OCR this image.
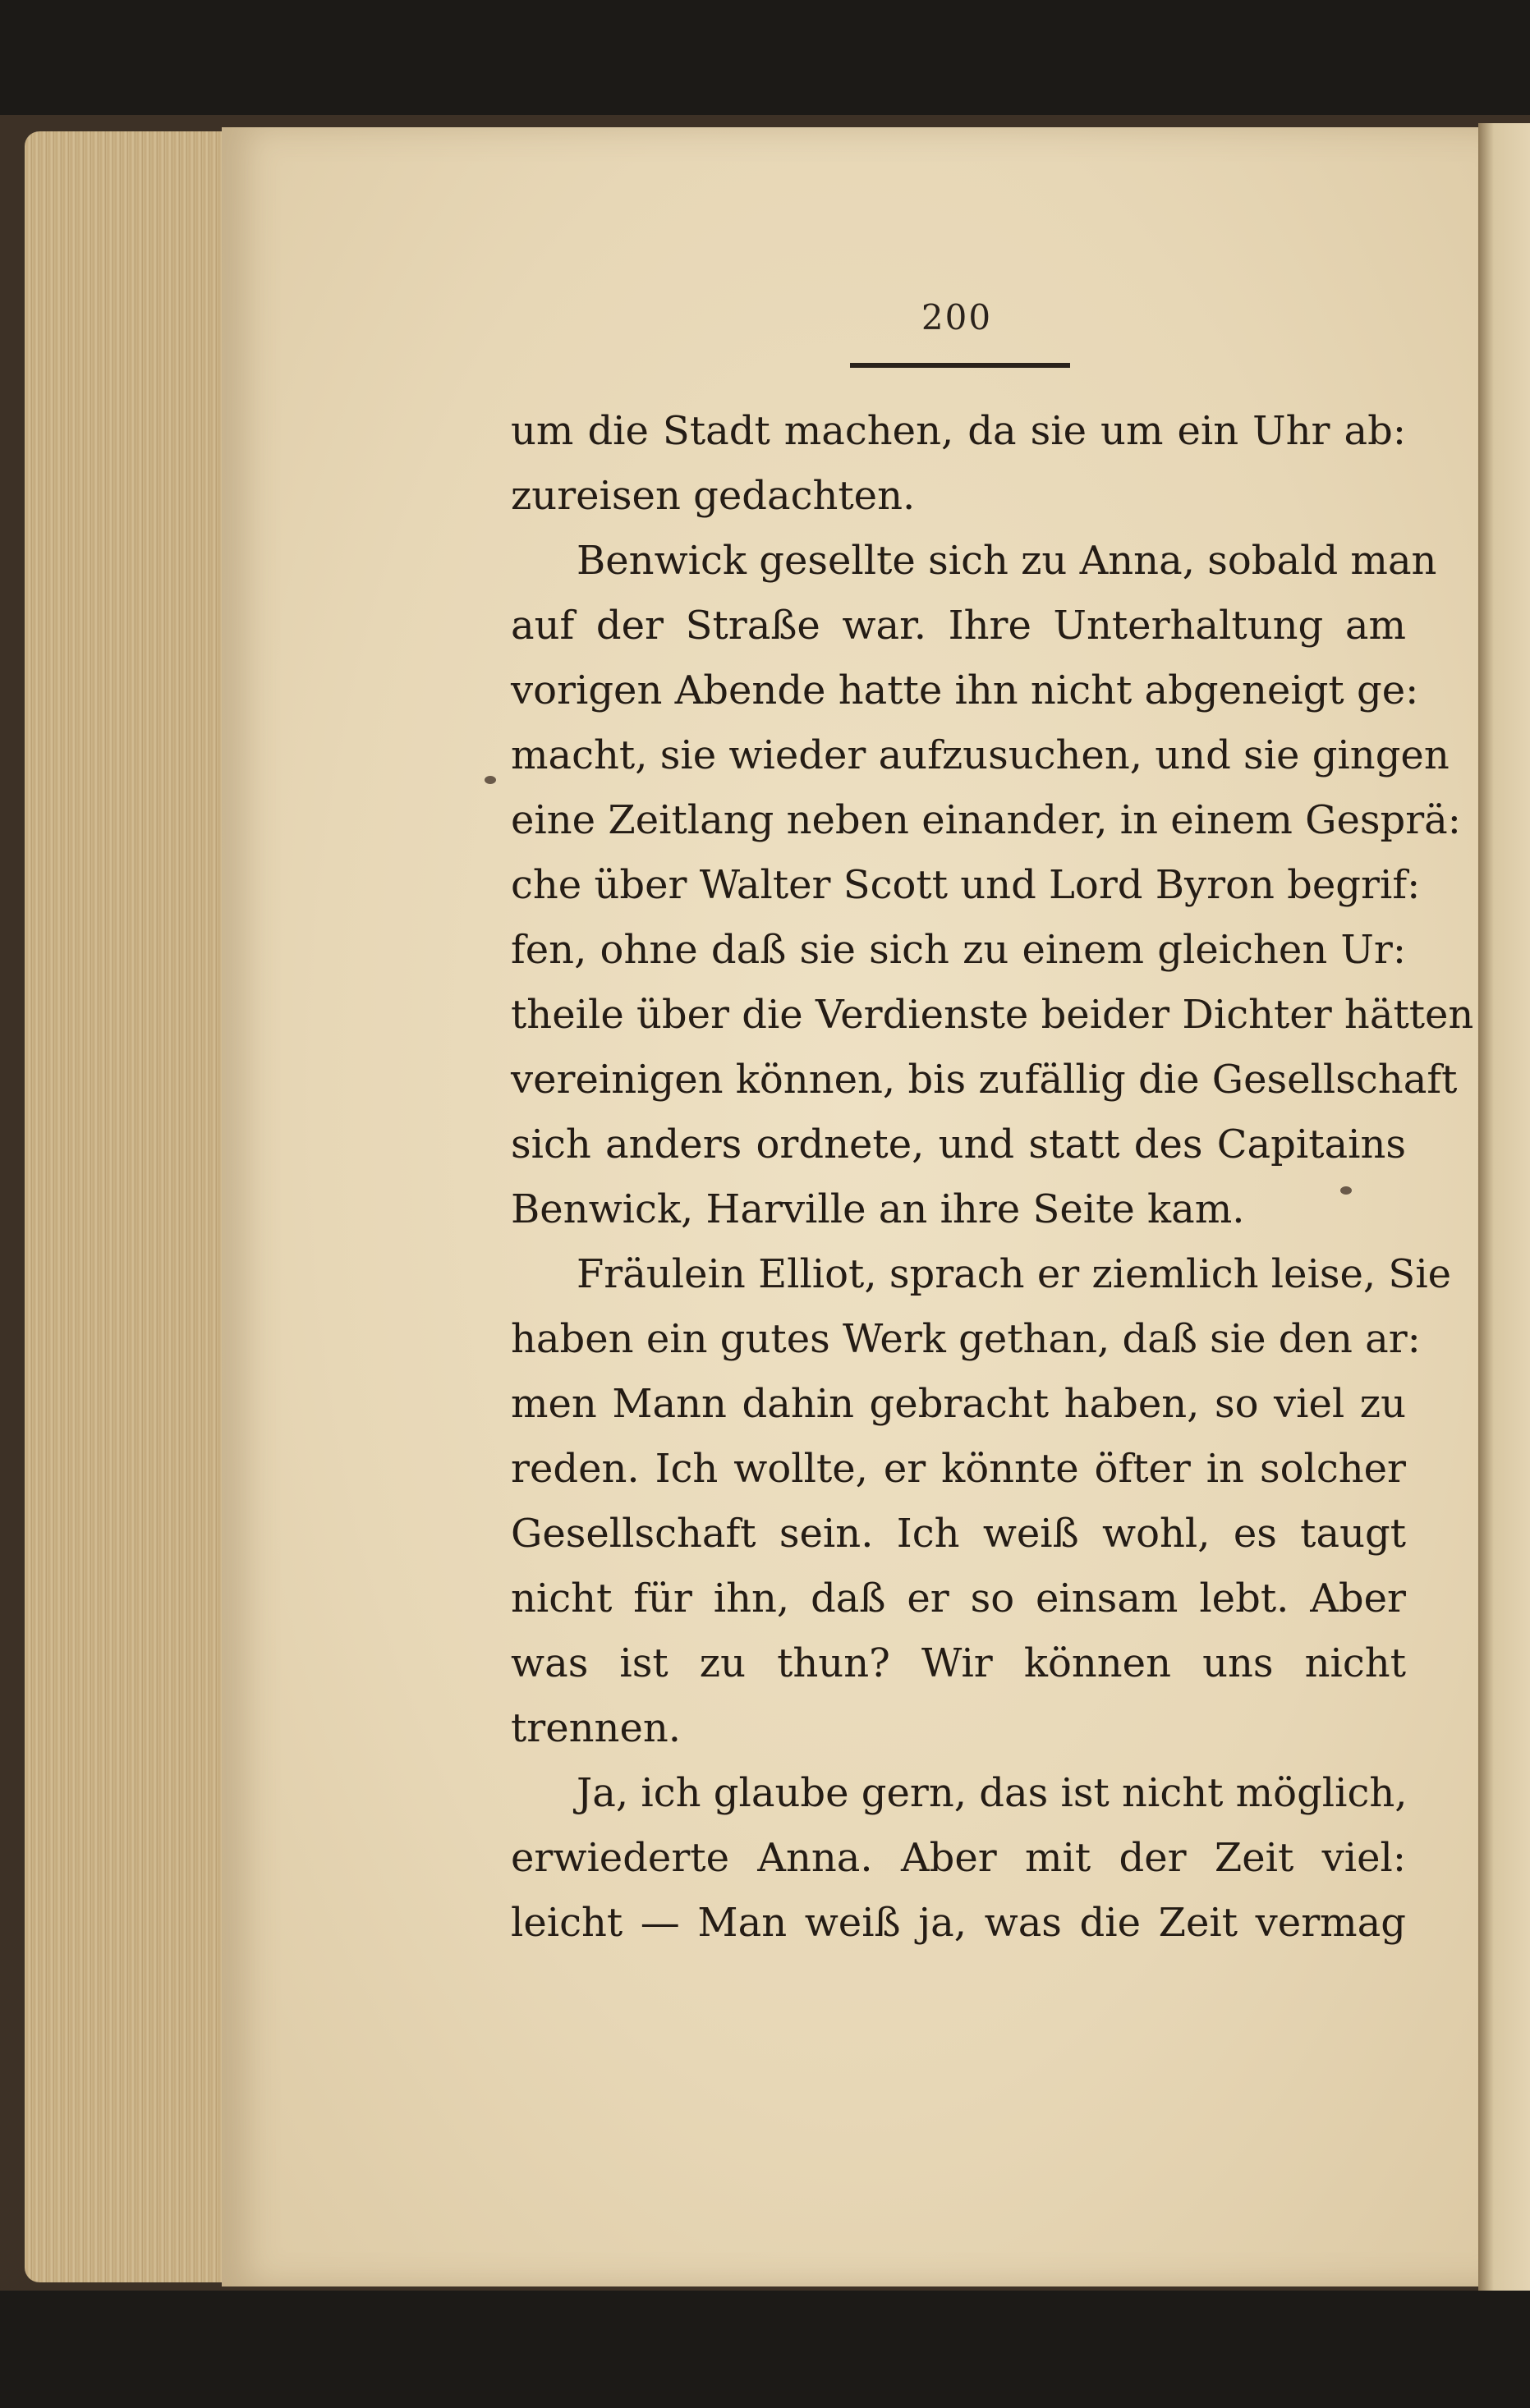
200
um die Stadt machen, da sie um ein Uhr ab:
zureisen gedachten.
Benwick gesellte sich zu Anna, sobald man
auf der Straße war. Ihre Unterhaltung am
vorigen Abende hatte ihn nicht abgeneigt ge:
macht, sie wieder aufzusuchen, und sie gingen
eine Zeitlang neben einander, in einem Gesprä:
che über Walter Scott und Lord Byron begrif:
fen, ohne daß sie sich zu einem gleichen Ur:
theile über die Verdienste beider Dichter hätten
vereinigen können, bis zufällig die Gesellschaft
sich anders ordnete, und statt des Capitains
Benwick, Harville an ihre Seite kam.
Fräulein Elliot, sprach er ziemlich leise, Sie
haben ein gutes Werk gethan, daß sie den ar:
men Mann dahin gebracht haben, so viel zu
reden. Ich wollte, er könnte öfter in solcher
Gesellschaft sein. Ich weiß wohl, es taugt
nicht für ihn, daß er so einsam lebt. Aber
was ist zu thun? Wir können uns nicht
trennen.
Ja, ich glaube gern, das ist nicht möglich,
erwiederte Anna. Aber mit der Zeit viel:
leicht — Man weiß ja, was die Zeit vermag
